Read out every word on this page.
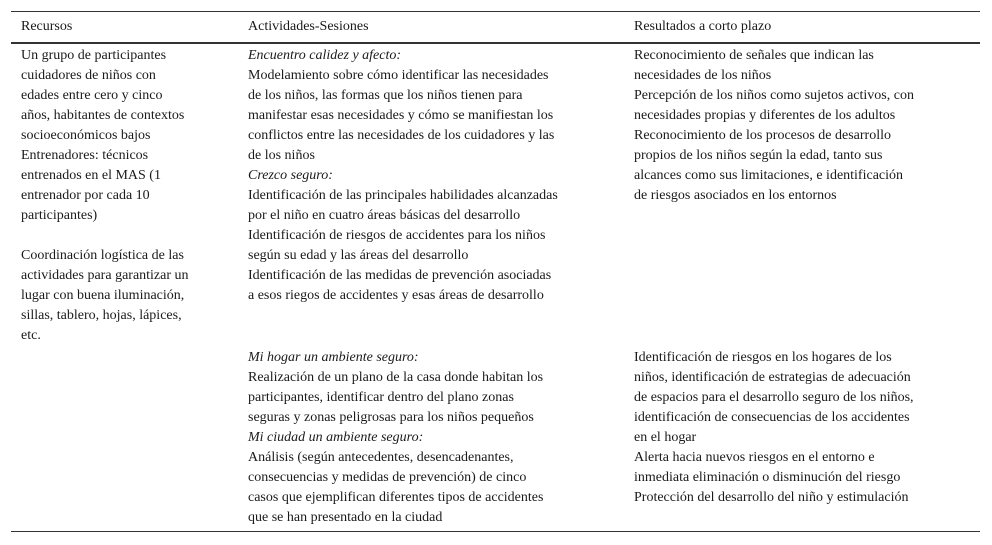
Recursos	Actividades-Sesiones	Resultados a corto plazo
Un grupo de participantes
cuidadores de niños con
edades entre cero y cinco
años, habitantes de contextos
socioeconómicos bajos
Entrenadores: técnicos
entrenados en el MAS (1
entrenador por cada 10
participantes)

Coordinación logística de las
actividades para garantizar un
lugar con buena iluminación,
sillas, tablero, hojas, lápices,
etc.
Encuentro calidez y afecto:
Modelamiento sobre cómo identificar las necesidades
de los niños, las formas que los niños tienen para
manifestar esas necesidades y cómo se manifiestan los
conflictos entre las necesidades de los cuidadores y las
de los niños
Crezco seguro:
Identificación de las principales habilidades alcanzadas
por el niño en cuatro áreas básicas del desarrollo
Identificación de riesgos de accidentes para los niños
según su edad y las áreas del desarrollo
Identificación de las medidas de prevención asociadas
a esos riegos de accidentes y esas áreas de desarrollo
Reconocimiento de señales que indican las
necesidades de los niños
Percepción de los niños como sujetos activos, con
necesidades propias y diferentes de los adultos
Reconocimiento de los procesos de desarrollo
propios de los niños según la edad, tanto sus
alcances como sus limitaciones, e identificación
de riesgos asociados en los entornos
Mi hogar un ambiente seguro:
Realización de un plano de la casa donde habitan los
participantes, identificar dentro del plano zonas
seguras y zonas peligrosas para los niños pequeños
Mi ciudad un ambiente seguro:
Análisis (según antecedentes, desencadenantes,
consecuencias y medidas de prevención) de cinco
casos que ejemplifican diferentes tipos de accidentes
que se han presentado en la ciudad
Identificación de riesgos en los hogares de los
niños, identificación de estrategias de adecuación
de espacios para el desarrollo seguro de los niños,
identificación de consecuencias de los accidentes
en el hogar
Alerta hacia nuevos riesgos en el entorno e
inmediata eliminación o disminución del riesgo
Protección del desarrollo del niño y estimulación
